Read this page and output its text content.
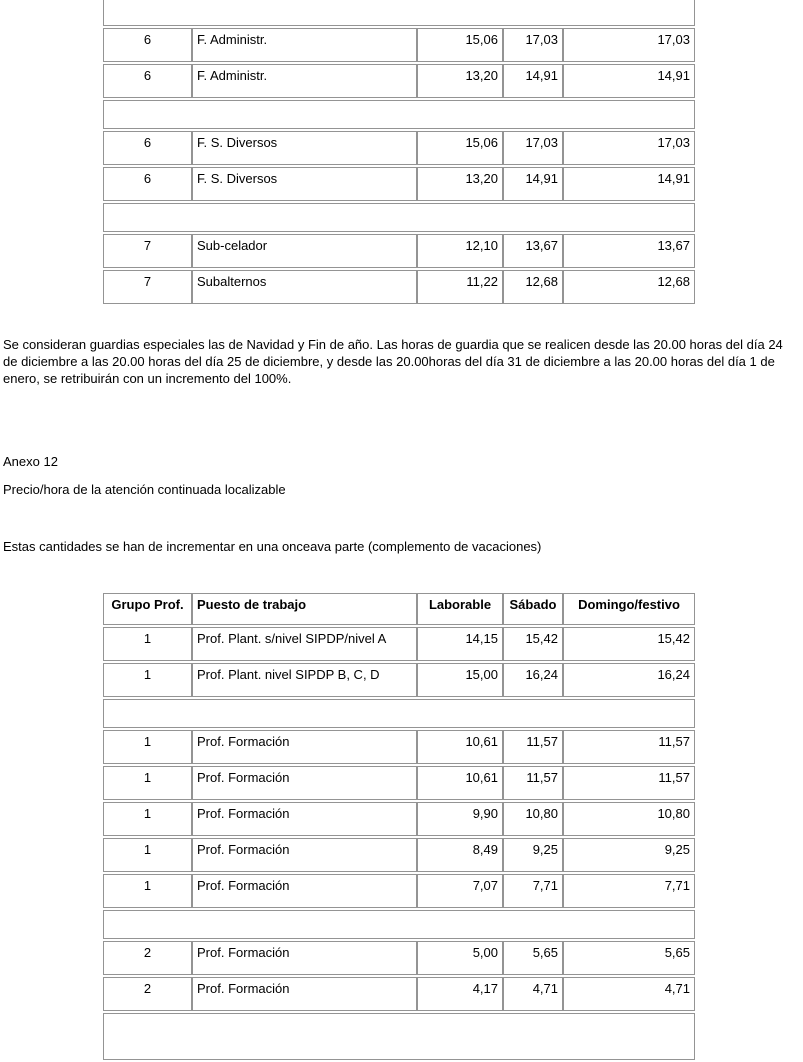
6	F. Administr.	15,06	17,03	17,03
6	F. Administr.	13,20	14,91	14,91

6	F. S. Diversos	15,06	17,03	17,03
6	F. S. Diversos	13,20	14,91	14,91

7	Sub-celador	12,10	13,67	13,67
7	Subalternos	11,22	12,68	12,68
Se consideran guardias especiales las de Navidad y Fin de año. Las horas de guardia que se realicen desde las 20.00 horas del día 24 de diciembre a las 20.00 horas del día 25 de diciembre, y desde las 20.00horas del día 31 de diciembre a las 20.00 horas del día 1 de enero, se retribuirán con un incremento del 100%.
Anexo 12
Precio/hora de la atención continuada localizable
Estas cantidades se han de incrementar en una onceava parte (complemento de vacaciones)
Grupo Prof.	Puesto de trabajo	Laborable	Sábado	Domingo/festivo
1	Prof. Plant. s/nivel SIPDP/nivel A	14,15	15,42	15,42
1	Prof. Plant. nivel SIPDP B, C, D	15,00	16,24	16,24

1	Prof. Formación	10,61	11,57	11,57
1	Prof. Formación	10,61	11,57	11,57
1	Prof. Formación	9,90	10,80	10,80
1	Prof. Formación	8,49	9,25	9,25
1	Prof. Formación	7,07	7,71	7,71

2	Prof. Formación	5,00	5,65	5,65
2	Prof. Formación	4,17	4,71	4,71
